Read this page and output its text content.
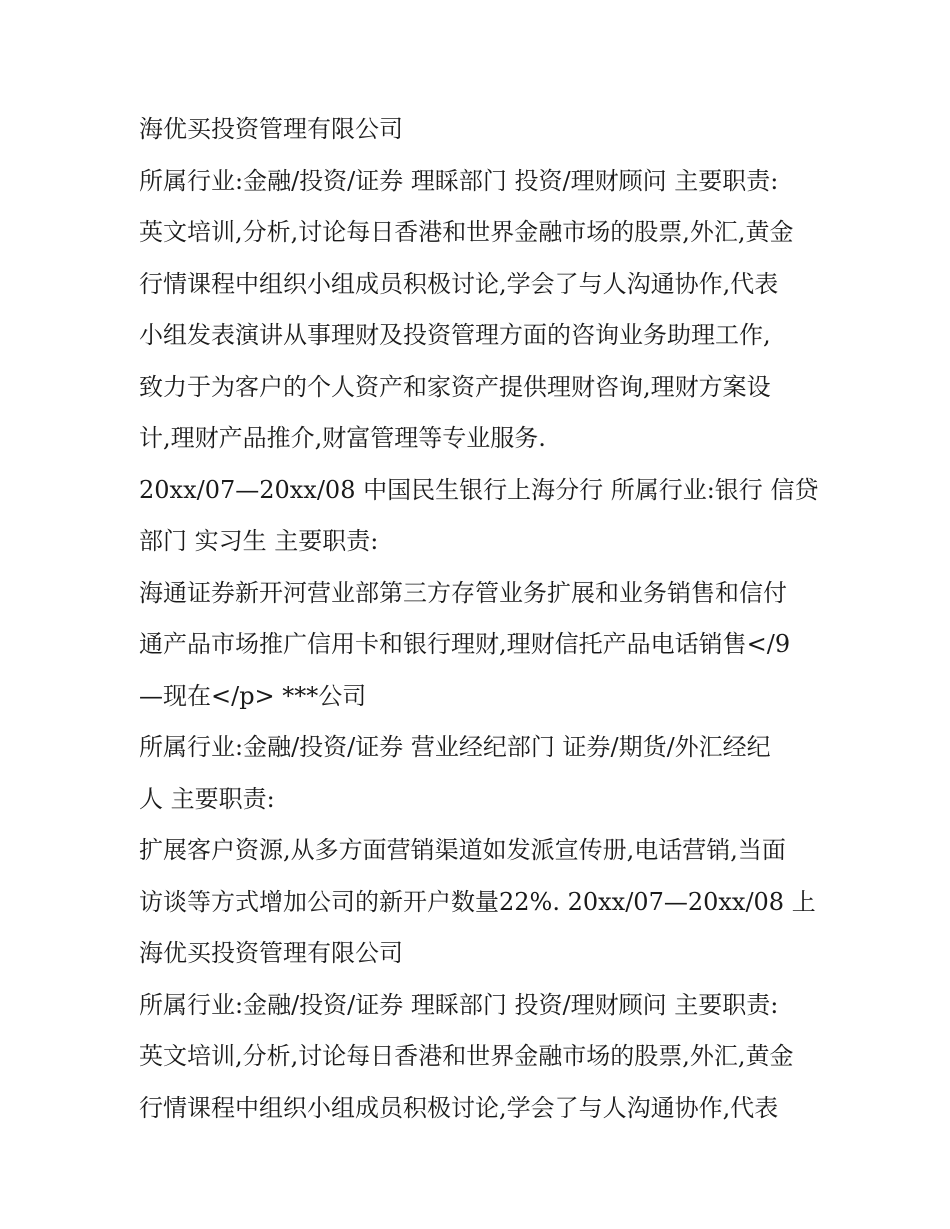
海优买投资管理有限公司
所属行业:金融/投资/证券 理睬部门 投资/理财顾问 主要职责:
英文培训,分析,讨论每日香港和世界金融市场的股票,外汇,黄金
行情课程中组织小组成员积极讨论,学会了与人沟通协作,代表
小组发表演讲从事理财及投资管理方面的咨询业务助理工作,
致力于为客户的个人资产和家资产提供理财咨询,理财方案设
计,理财产品推介,财富管理等专业服务.
20xx/07—20xx/08 中国民生银行上海分行 所属行业:银行 信贷
部门 实习生 主要职责:
海通证券新开河营业部第三方存管业务扩展和业务销售和信付
通产品市场推广信用卡和银行理财,理财信托产品电话销售</9
—现在</p> ***公司
所属行业:金融/投资/证券 营业经纪部门 证券/期货/外汇经纪
人 主要职责:
扩展客户资源,从多方面营销渠道如发派宣传册,电话营销,当面
访谈等方式增加公司的新开户数量22%. 20xx/07—20xx/08 上
海优买投资管理有限公司
所属行业:金融/投资/证券 理睬部门 投资/理财顾问 主要职责:
英文培训,分析,讨论每日香港和世界金融市场的股票,外汇,黄金
行情课程中组织小组成员积极讨论,学会了与人沟通协作,代表
